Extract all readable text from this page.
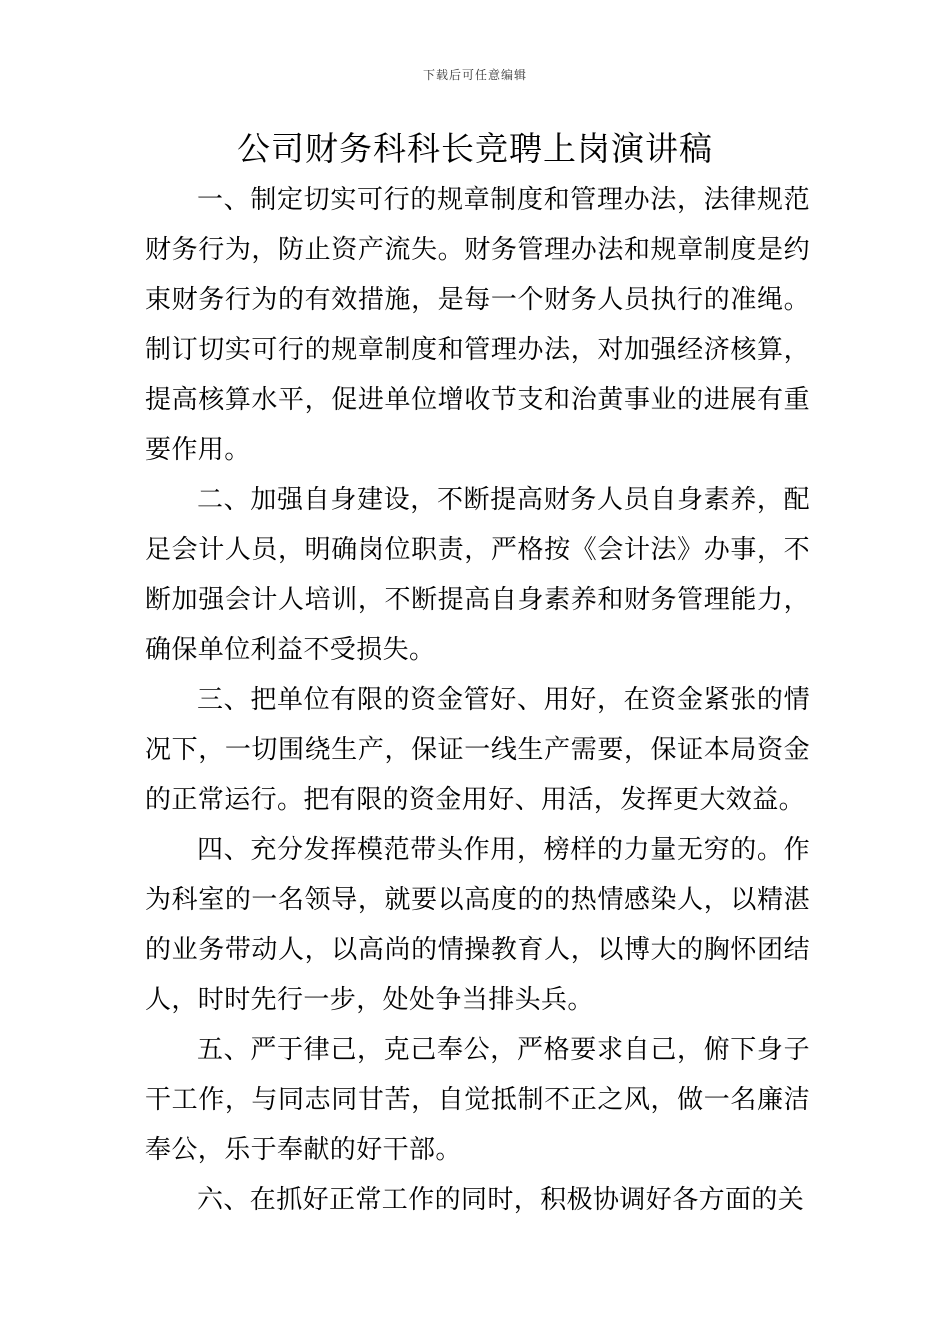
下载后可任意编辑
公司财务科科长竞聘上岗演讲稿

一、制定切实可行的规章制度和管理办法，法律规范财务行为，防止资产流失。财务管理办法和规章制度是约束财务行为的有效措施，是每一个财务人员执行的准绳。制订切实可行的规章制度和管理办法，对加强经济核算，提高核算水平，促进单位增收节支和治黄事业的进展有重要作用。

二、加强自身建设，不断提高财务人员自身素养，配足会计人员，明确岗位职责，严格按《会计法》办事，不断加强会计人培训，不断提高自身素养和财务管理能力，确保单位利益不受损失。

三、把单位有限的资金管好、用好，在资金紧张的情况下，一切围绕生产，保证一线生产需要，保证本局资金的正常运行。把有限的资金用好、用活，发挥更大效益。

四、充分发挥模范带头作用，榜样的力量无穷的。作为科室的一名领导，就要以高度的的热情感染人，以精湛的业务带动人，以高尚的情操教育人，以博大的胸怀团结人，时时先行一步，处处争当排头兵。

五、严于律己，克己奉公，严格要求自己，俯下身子干工作，与同志同甘苦，自觉抵制不正之风，做一名廉洁奉公，乐于奉献的好干部。

六、在抓好正常工作的同时，积极协调好各方面的关
